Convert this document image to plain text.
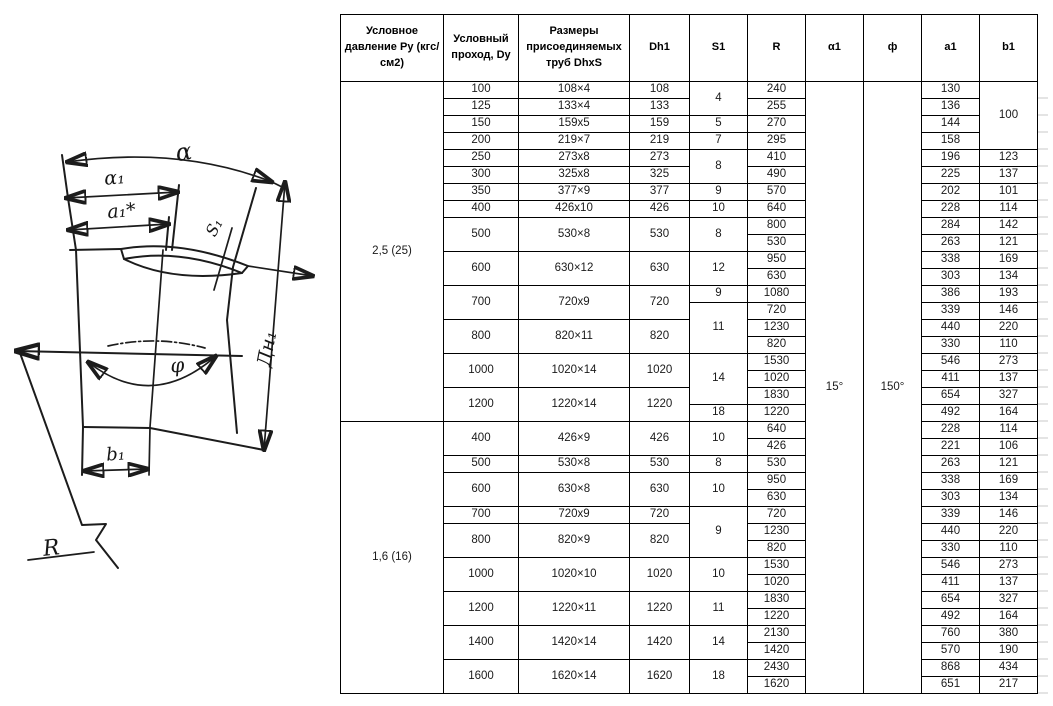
α
α₁
a₁*
S₁
Дн₁
φ
b₁
R
Условное давление Ру (кгс/см2)	Условный проход, Dy	Размеры присоединяемых труб DhxS	Dh1	S1	R	α1	ф	a1	b1
2,5 (25)	100	108×4	108	4	240	15°	150°	130	100
	125	133×4	133		255			136	
	150	159x5	159	5	270			144	
	200	219×7	219	7	295			158	
	250	273x8	273	8	410			196	123
	300	325x8	325		490			225	137
	350	377×9	377	9	570			202	101
	400	426x10	426	10	640			228	114
	500	530×8	530	8	800			284	142
					530			263	121
	600	630×12	630	12	950			338	169
					630			303	134
	700	720x9	720	9	1080			386	193
				11	720			339	146
	800	820×11	820		1230			440	220
					820			330	110
	1000	1020×14	1020	14	1530			546	273
					1020			411	137
	1200	1220×14	1220		1830			654	327
				18	1220			492	164
1,6 (16)	400	426×9	426	10	640			228	114
					426			221	106
	500	530×8	530	8	530			263	121
	600	630×8	630	10	950			338	169
					630			303	134
	700	720x9	720	9	720			339	146
	800	820×9	820		1230			440	220
					820			330	110
	1000	1020×10	1020	10	1530			546	273
					1020			411	137
	1200	1220×11	1220	11	1830			654	327
					1220			492	164
	1400	1420×14	1420	14	2130			760	380
					1420			570	190
	1600	1620×14	1620	18	2430			868	434
					1620			651	217
